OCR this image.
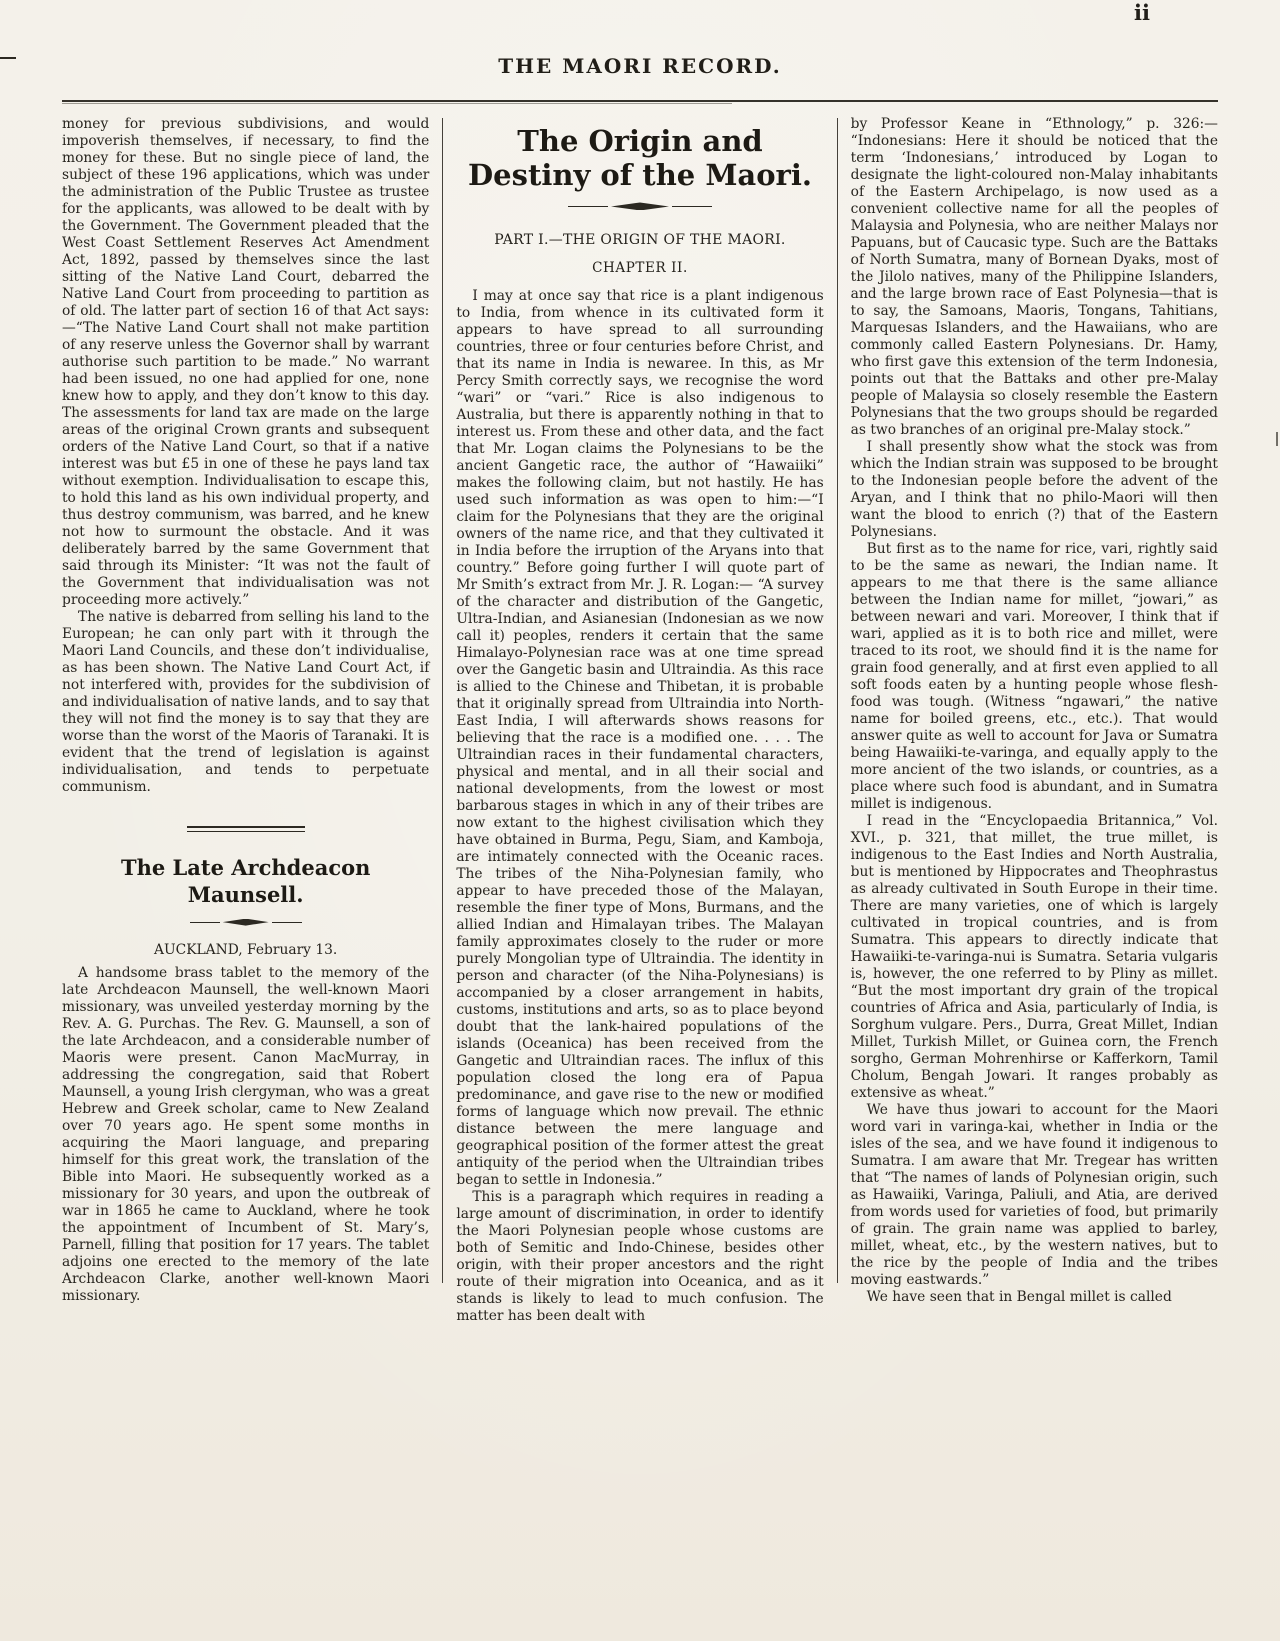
THE MAORI RECORD.
ii

money for previous subdivisions, and would impoverish themselves, if necessary, to find the money for these. But no single piece of land, the subject of these 196 applications, which was under the administration of the Public Trustee as trustee for the applicants, was allowed to be dealt with by the Government. The Government pleaded that the West Coast Settlement Reserves Act Amendment Act, 1892, passed by themselves since the last sitting of the Native Land Court, debarred the Native Land Court from proceeding to partition as of old. The latter part of section 16 of that Act says:—“The Native Land Court shall not make partition of any reserve unless the Governor shall by warrant authorise such partition to be made.” No warrant had been issued, no one had applied for one, none knew how to apply, and they don’t know to this day. The assessments for land tax are made on the large areas of the original Crown grants and subsequent orders of the Native Land Court, so that if a native interest was but £5 in one of these he pays land tax without exemption. Individualisation to escape this, to hold this land as his own individual property, and thus destroy communism, was barred, and he knew not how to surmount the obstacle. And it was deliberately barred by the same Government that said through its Minister: “It was not the fault of the Government that individualisation was not proceeding more actively.”

The native is debarred from selling his land to the European; he can only part with it through the Maori Land Councils, and these don’t individualise, as has been shown. The Native Land Court Act, if not interfered with, provides for the subdivision of and individualisation of native lands, and to say that they will not find the money is to say that they are worse than the worst of the Maoris of Taranaki. It is evident that the trend of legislation is against individualisation, and tends to perpetuate communism.

The Late Archdeacon
Maunsell.

AUCKLAND, February 13.

A handsome brass tablet to the memory of the late Archdeacon Maunsell, the well-known Maori missionary, was unveiled yesterday morning by the Rev. A. G. Purchas. The Rev. G. Maunsell, a son of the late Archdeacon, and a considerable number of Maoris were present. Canon MacMurray, in addressing the congregation, said that Robert Maunsell, a young Irish clergyman, who was a great Hebrew and Greek scholar, came to New Zealand over 70 years ago. He spent some months in acquiring the Maori language, and preparing himself for this great work, the translation of the Bible into Maori. He subsequently worked as a missionary for 30 years, and upon the outbreak of war in 1865 he came to Auckland, where he took the appointment of Incumbent of St. Mary’s, Parnell, filling that position for 17 years. The tablet adjoins one erected to the memory of the late Archdeacon Clarke, another well-known Maori missionary.

The Origin and
Destiny of the Maori.
PART I.—THE ORIGIN OF THE MAORI.
CHAPTER II.

I may at once say that rice is a plant indigenous to India, from whence in its cultivated form it appears to have spread to all surrounding countries, three or four centuries before Christ, and that its name in India is newaree. In this, as Mr Percy Smith correctly says, we recognise the word “wari” or “vari.” Rice is also indigenous to Australia, but there is apparently nothing in that to interest us. From these and other data, and the fact that Mr. Logan claims the Polynesians to be the ancient Gangetic race, the author of “Hawaiiki” makes the following claim, but not hastily. He has used such information as was open to him:—“I claim for the Polynesians that they are the original owners of the name rice, and that they cultivated it in India before the irruption of the Aryans into that country.” Before going further I will quote part of Mr Smith’s extract from Mr. J. R. Logan:— “A survey of the character and distribution of the Gangetic, Ultra-Indian, and Asianesian (Indonesian as we now call it) peoples, renders it certain that the same Himalayo-Polynesian race was at one time spread over the Gangetic basin and Ultraindia. As this race is allied to the Chinese and Thibetan, it is probable that it originally spread from Ultraindia into North-East India, I will afterwards shows reasons for believing that the race is a modified one. . . . The Ultraindian races in their fundamental characters, physical and mental, and in all their social and national developments, from the lowest or most barbarous stages in which in any of their tribes are now extant to the highest civilisation which they have obtained in Burma, Pegu, Siam, and Kamboja, are intimately connected with the Oceanic races. The tribes of the Niha-Polynesian family, who appear to have preceded those of the Malayan, resemble the finer type of Mons, Burmans, and the allied Indian and Himalayan tribes. The Malayan family approximates closely to the ruder or more purely Mongolian type of Ultraindia. The identity in person and character (of the Niha-Polynesians) is accompanied by a closer arrangement in habits, customs, institutions and arts, so as to place beyond doubt that the lank-haired populations of the islands (Oceanica) has been received from the Gangetic and Ultraindian races. The influx of this population closed the long era of Papua predominance, and gave rise to the new or modified forms of language which now prevail. The ethnic distance between the mere language and geographical position of the former attest the great antiquity of the period when the Ultraindian tribes began to settle in Indonesia.”

This is a paragraph which requires in reading a large amount of discrimination, in order to identify the Maori Polynesian people whose customs are both of Semitic and Indo-Chinese, besides other origin, with their proper ancestors and the right route of their migration into Oceanica, and as it stands is likely to lead to much confusion. The matter has been dealt with

by Professor Keane in “Ethnology,” p. 326:— “Indonesians: Here it should be noticed that the term ‘Indonesians,’ introduced by Logan to designate the light-coloured non-Malay inhabitants of the Eastern Archipelago, is now used as a convenient collective name for all the peoples of Malaysia and Polynesia, who are neither Malays nor Papuans, but of Caucasic type. Such are the Battaks of North Sumatra, many of Bornean Dyaks, most of the Jilolo natives, many of the Philippine Islanders, and the large brown race of East Polynesia—that is to say, the Samoans, Maoris, Tongans, Tahitians, Marquesas Islanders, and the Hawaiians, who are commonly called Eastern Polynesians. Dr. Hamy, who first gave this extension of the term Indonesia, points out that the Battaks and other pre-Malay people of Malaysia so closely resemble the Eastern Polynesians that the two groups should be regarded as two branches of an original pre-Malay stock.”

I shall presently show what the stock was from which the Indian strain was supposed to be brought to the Indonesian people before the advent of the Aryan, and I think that no philo-Maori will then want the blood to enrich (?) that of the Eastern Polynesians.

But first as to the name for rice, vari, rightly said to be the same as newari, the Indian name. It appears to me that there is the same alliance between the Indian name for millet, “jowari,” as between newari and vari. Moreover, I think that if wari, applied as it is to both rice and millet, were traced to its root, we should find it is the name for grain food generally, and at first even applied to all soft foods eaten by a hunting people whose flesh-food was tough. (Witness “ngawari,” the native name for boiled greens, etc., etc.). That would answer quite as well to account for Java or Sumatra being Hawaiiki-te-varinga, and equally apply to the more ancient of the two islands, or countries, as a place where such food is abundant, and in Sumatra millet is indigenous.

I read in the “Encyclopaedia Britannica,” Vol. XVI., p. 321, that millet, the true millet, is indigenous to the East Indies and North Australia, but is mentioned by Hippocrates and Theophrastus as already cultivated in South Europe in their time. There are many varieties, one of which is largely cultivated in tropical countries, and is from Sumatra. This appears to directly indicate that Hawaiiki-te-varinga-nui is Sumatra. Setaria vulgaris is, however, the one referred to by Pliny as millet. “But the most important dry grain of the tropical countries of Africa and Asia, particularly of India, is Sorghum vulgare. Pers., Durra, Great Millet, Indian Millet, Turkish Millet, or Guinea corn, the French sorgho, German Mohrenhirse or Kafferkorn, Tamil Cholum, Bengah Jowari. It ranges probably as extensive as wheat.”

We have thus jowari to account for the Maori word vari in varinga-kai, whether in India or the isles of the sea, and we have found it indigenous to Sumatra. I am aware that Mr. Tregear has written that “The names of lands of Polynesian origin, such as Hawaiiki, Varinga, Paliuli, and Atia, are derived from words used for varieties of food, but primarily of grain. The grain name was applied to barley, millet, wheat, etc., by the western natives, but to the rice by the people of India and the tribes moving eastwards.”

We have seen that in Bengal millet is called
